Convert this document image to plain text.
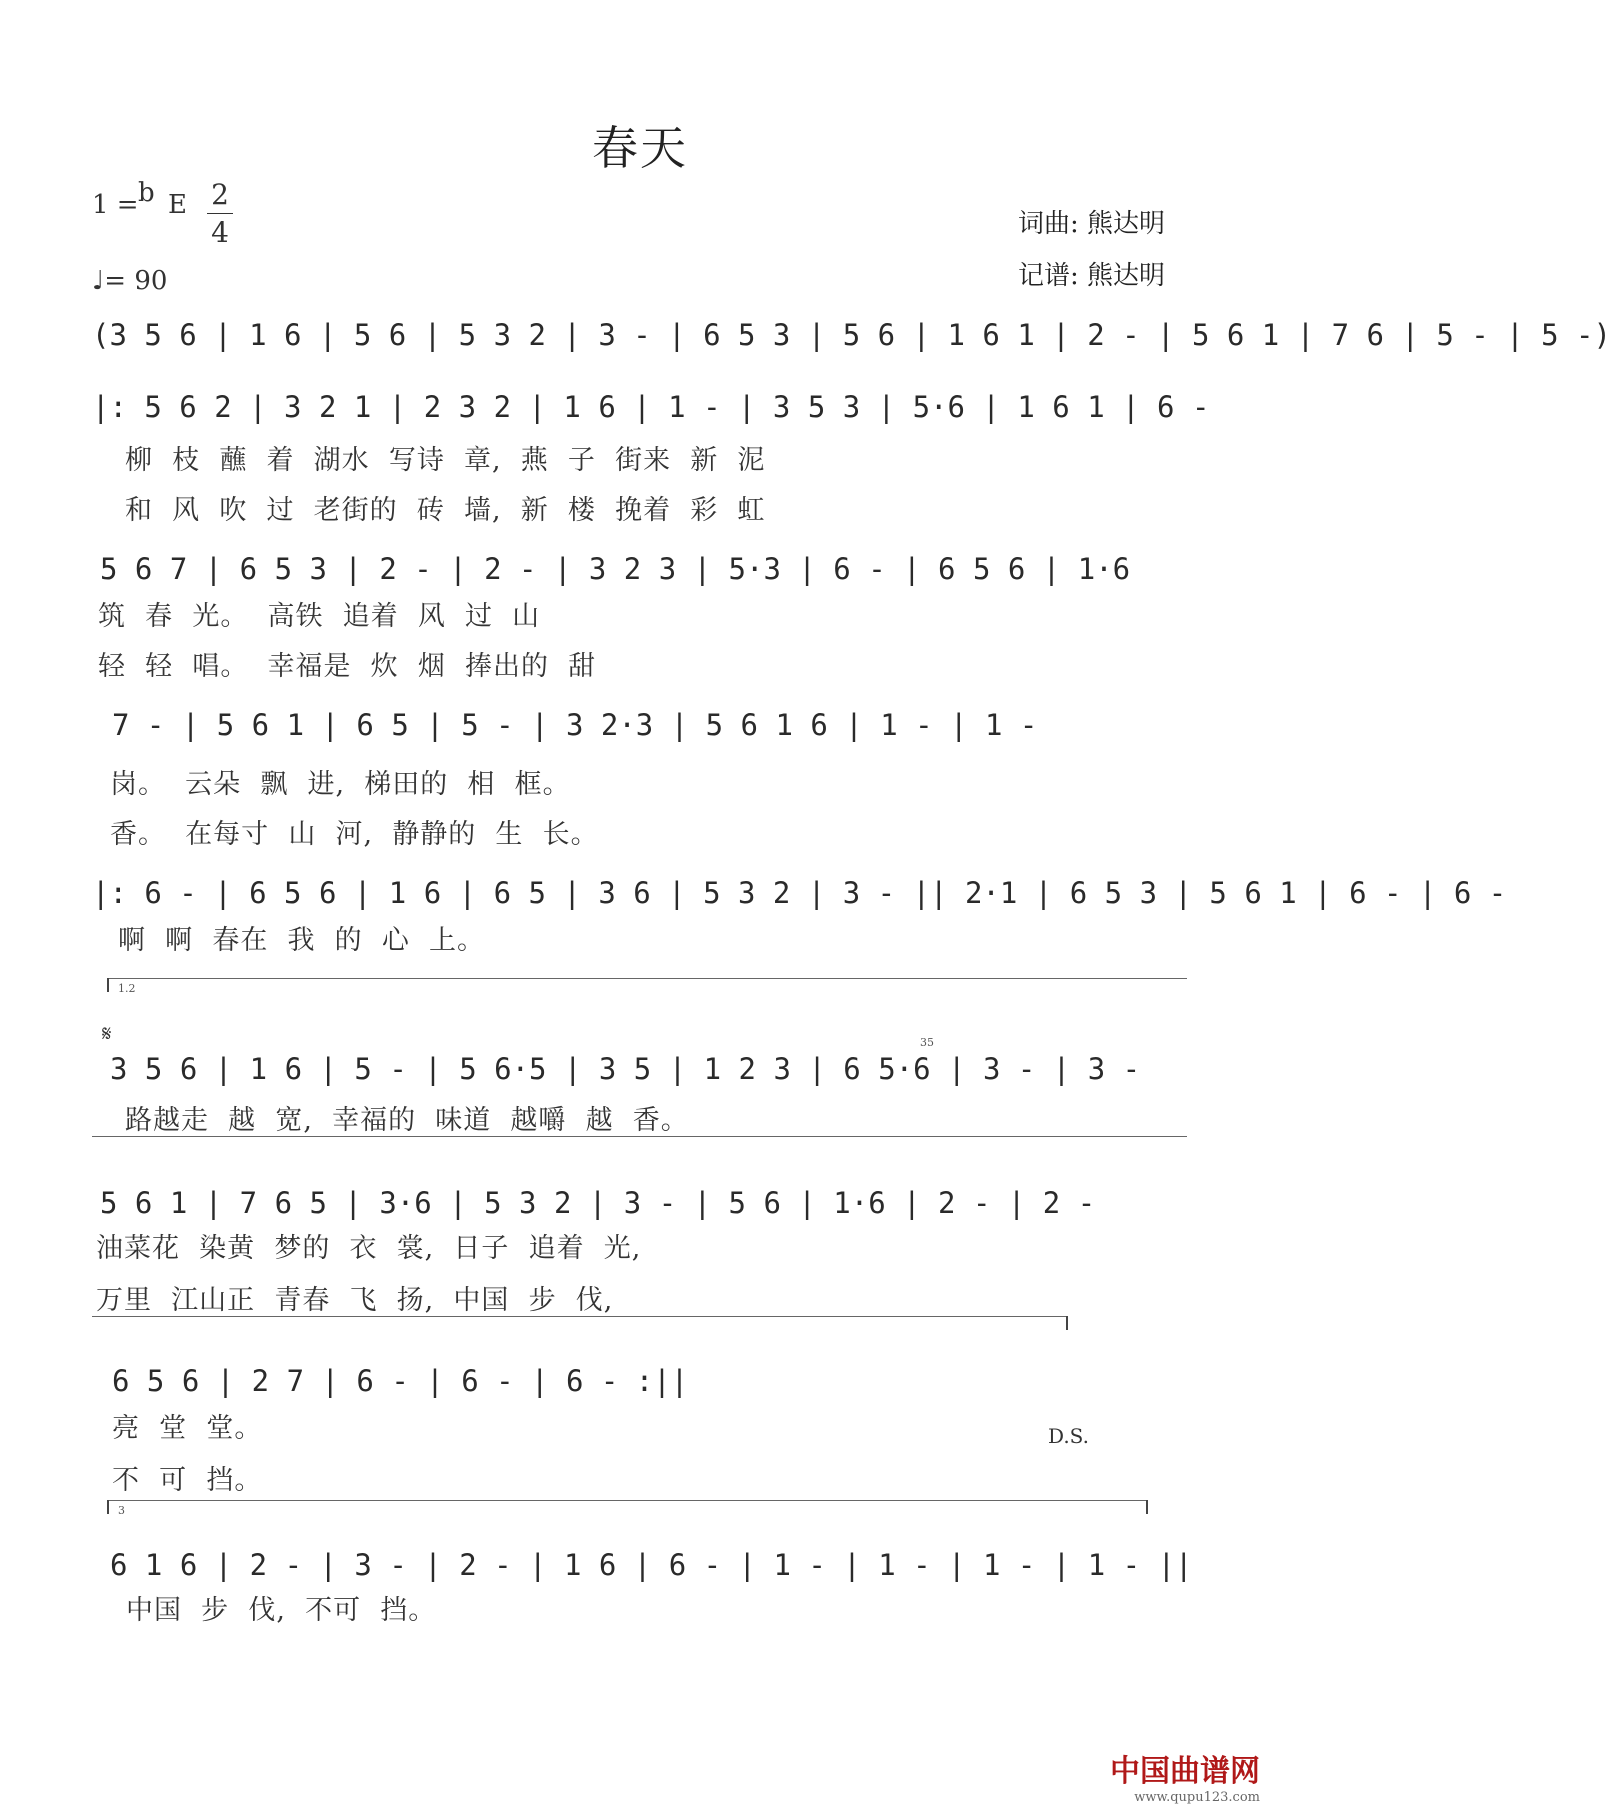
春天
1 = b E 2
4
♩= 90
词曲: 熊达明
记谱: 熊达明
(3 5 6 | 1 6 | 5 6 | 5 3 2 | 3 - | 6 5 3 | 5 6 | 1 6 1 | 2 - | 5 6 1 | 7 6 | 5 - | 5 -)
|: 5 6 2 | 3 2 1 | 2 3 2 | 1 6 | 1 - | 3 5 3 | 5·6 | 1 6 1 | 6 -
柳  枝  蘸  着  湖水  写诗  章,  燕  子  街来  新  泥
和  风  吹  过  老街的  砖  墙,  新  楼  挽着  彩  虹
5 6 7 | 6 5 3 | 2 - | 2 - | 3 2 3 | 5·3 | 6 - | 6 5 6 | 1·6
筑  春  光。  高铁  追着  风  过  山
轻  轻  唱。  幸福是  炊  烟  捧出的  甜
7 - | 5 6 1 | 6 5 | 5 - | 3 2·3 | 5 6 1 6 | 1 - | 1 -
岗。  云朵  飘  进,  梯田的  相  框。
香。  在每寸  山  河,  静静的  生  长。
|: 6 - | 6 5 6 | 1 6 | 6 5 | 3 6 | 5 3 2 | 3 - || 2·1 | 6 5 3 | 5 6 1 | 6 - | 6 -
啊  啊  春在  我  的  心  上。
1.2
𝄋	35
3 5 6 | 1 6 | 5 - | 5 6·5 | 3 5 | 1 2 3 | 6 5·6 | 3 - | 3 -
路越走  越  宽,  幸福的  味道  越嚼  越  香。
5 6 1 | 7 6 5 | 3·6 | 5 3 2 | 3 - | 5 6 | 1·6 | 2 - | 2 -
油菜花  染黄  梦的  衣  裳,  日子  追着  光,
万里  江山正  青春  飞  扬,  中国  步  伐,
6 5 6 | 2 7 | 6 - | 6 - | 6 - :||
亮  堂  堂。
不  可  挡。
D.S.
3
6 1 6 | 2 - | 3 - | 2 - | 1 6 | 6 - | 1 - | 1 - | 1 - | 1 - ||
中国  步  伐,  不可  挡。
中国曲谱网
www.qupu123.com
